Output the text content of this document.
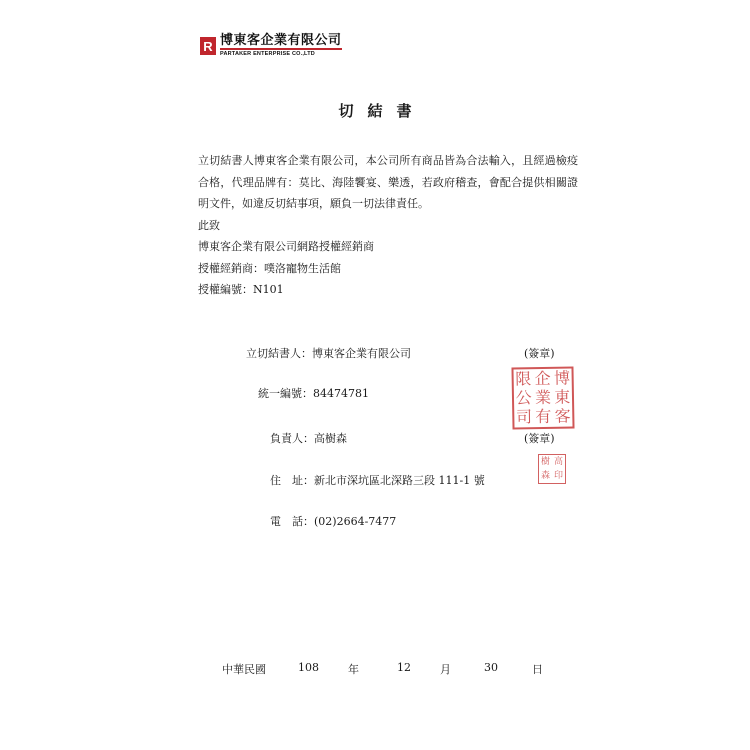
R 博東客企業有限公司
PARTAKER ENTERPRISE CO.,LTD
切結書

立切結書人博東客企業有限公司，本公司所有商品皆為合法輸入，且經過檢疫合格，代理品牌有：莫比、海陸饗宴、樂透，若政府稽查，會配合提供相關證明文件，如違反切結事項，願負一切法律責任。

此致

博東客企業有限公司網路授權經銷商

授權經銷商：噗洛寵物生活館

授權編號：N101

立切結書人：博東客企業有限公司	(簽章)
統一編號：84474781
限 企 博
公 業 東
司 有 客
負責人：高樹森	(簽章)
樹 高
森 印
住　址：新北市深坑區北深路三段 111-1 號
電　話：(02)2664-7477
中華民國	108	年	12	月	30	日
